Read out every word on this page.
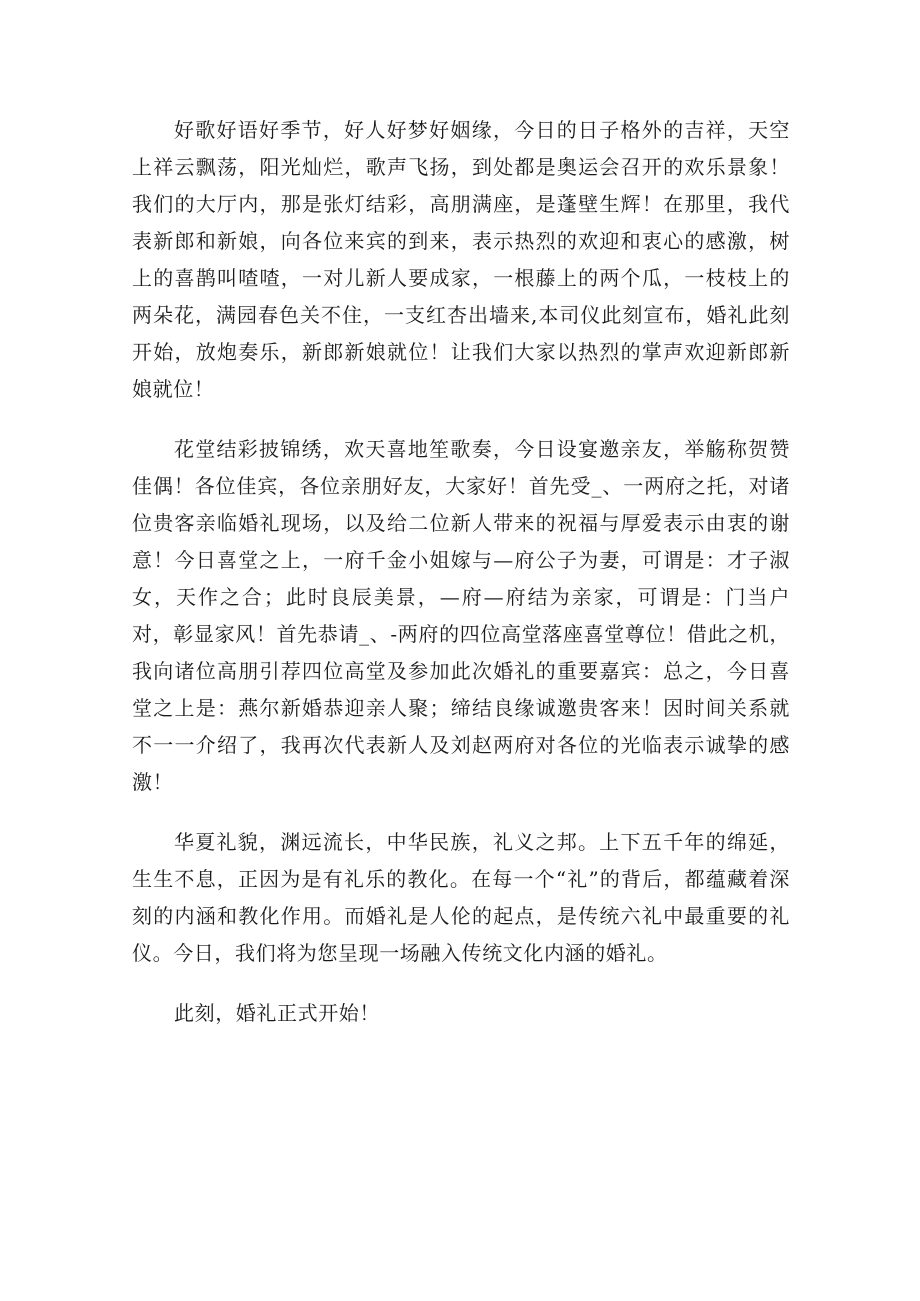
好歌好语好季节，好人好梦好姻缘，今日的日子格外的吉祥，天空上祥云飘荡，阳光灿烂，歌声飞扬，到处都是奥运会召开的欢乐景象！我们的大厅内，那是张灯结彩，高朋满座，是蓬壁生辉！在那里，我代表新郎和新娘，向各位来宾的到来，表示热烈的欢迎和衷心的感激，树上的喜鹊叫喳喳，一对儿新人要成家，一根藤上的两个瓜，一枝枝上的两朵花，满园春色关不住，一支红杏出墙来,本司仪此刻宣布，婚礼此刻开始，放炮奏乐，新郎新娘就位！让我们大家以热烈的掌声欢迎新郎新娘就位！

花堂结彩披锦绣，欢天喜地笙歌奏，今日设宴邀亲友，举觞称贺赞佳偶！各位佳宾，各位亲朋好友，大家好！首先受_、一两府之托，对诸位贵客亲临婚礼现场，以及给二位新人带来的祝福与厚爱表示由衷的谢意！今日喜堂之上，一府千金小姐嫁与—府公子为妻，可谓是：才子淑女，天作之合；此时良辰美景，—府—府结为亲家，可谓是：门当户对，彰显家风！首先恭请_、-两府的四位高堂落座喜堂尊位！借此之机，我向诸位高朋引荐四位高堂及参加此次婚礼的重要嘉宾：总之，今日喜堂之上是：燕尔新婚恭迎亲人聚；缔结良缘诚邀贵客来！因时间关系就不一一介绍了，我再次代表新人及刘赵两府对各位的光临表示诚挚的感激！

华夏礼貌，渊远流长，中华民族，礼义之邦。上下五千年的绵延，生生不息，正因为是有礼乐的教化。在每一个“礼”的背后，都蕴藏着深刻的内涵和教化作用。而婚礼是人伦的起点，是传统六礼中最重要的礼仪。今日，我们将为您呈现一场融入传统文化内涵的婚礼。

此刻，婚礼正式开始！
